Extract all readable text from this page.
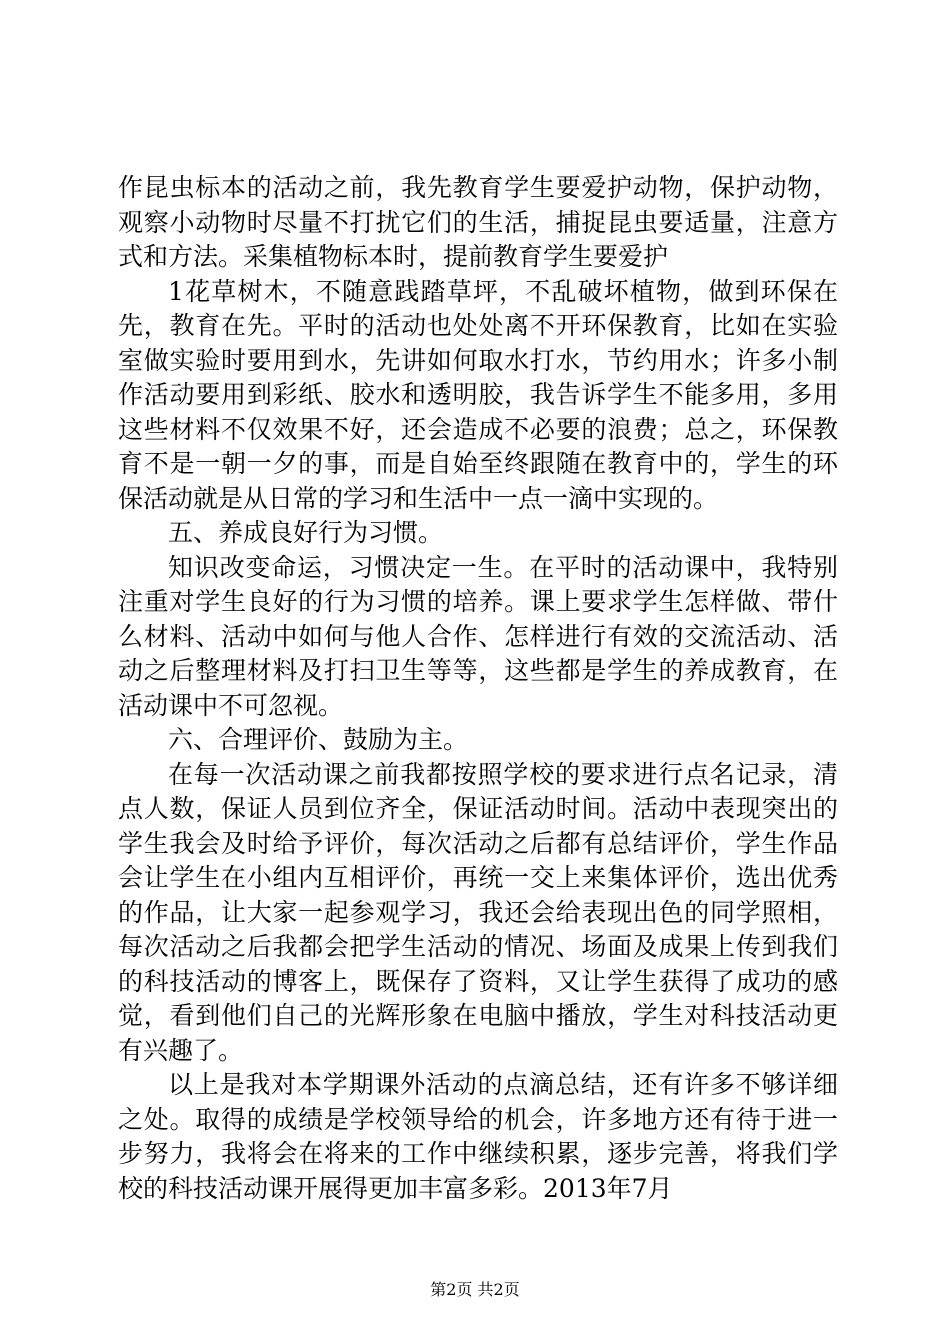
作昆虫标本的活动之前，我先教育学生要爱护动物，保护动物，观察小动物时尽量不打扰它们的生活，捕捉昆虫要适量，注意方式和方法。采集植物标本时，提前教育学生要爱护

1花草树木，不随意践踏草坪，不乱破坏植物，做到环保在先，教育在先。平时的活动也处处离不开环保教育，比如在实验室做实验时要用到水，先讲如何取水打水，节约用水；许多小制作活动要用到彩纸、胶水和透明胶，我告诉学生不能多用，多用这些材料不仅效果不好，还会造成不必要的浪费；总之，环保教育不是一朝一夕的事，而是自始至终跟随在教育中的，学生的环保活动就是从日常的学习和生活中一点一滴中实现的。

五、养成良好行为习惯。

知识改变命运，习惯决定一生。在平时的活动课中，我特别注重对学生良好的行为习惯的培养。课上要求学生怎样做、带什么材料、活动中如何与他人合作、怎样进行有效的交流活动、活动之后整理材料及打扫卫生等等，这些都是学生的养成教育，在活动课中不可忽视。

六、合理评价、鼓励为主。

在每一次活动课之前我都按照学校的要求进行点名记录，清点人数，保证人员到位齐全，保证活动时间。活动中表现突出的学生我会及时给予评价，每次活动之后都有总结评价，学生作品会让学生在小组内互相评价，再统一交上来集体评价，选出优秀的作品，让大家一起参观学习，我还会给表现出色的同学照相，每次活动之后我都会把学生活动的情况、场面及成果上传到我们的科技活动的博客上，既保存了资料，又让学生获得了成功的感觉，看到他们自己的光辉形象在电脑中播放，学生对科技活动更有兴趣了。

以上是我对本学期课外活动的点滴总结，还有许多不够详细之处。取得的成绩是学校领导给的机会，许多地方还有待于进一步努力，我将会在将来的工作中继续积累，逐步完善，将我们学校的科技活动课开展得更加丰富多彩。2013年7月

第2页 共2页
